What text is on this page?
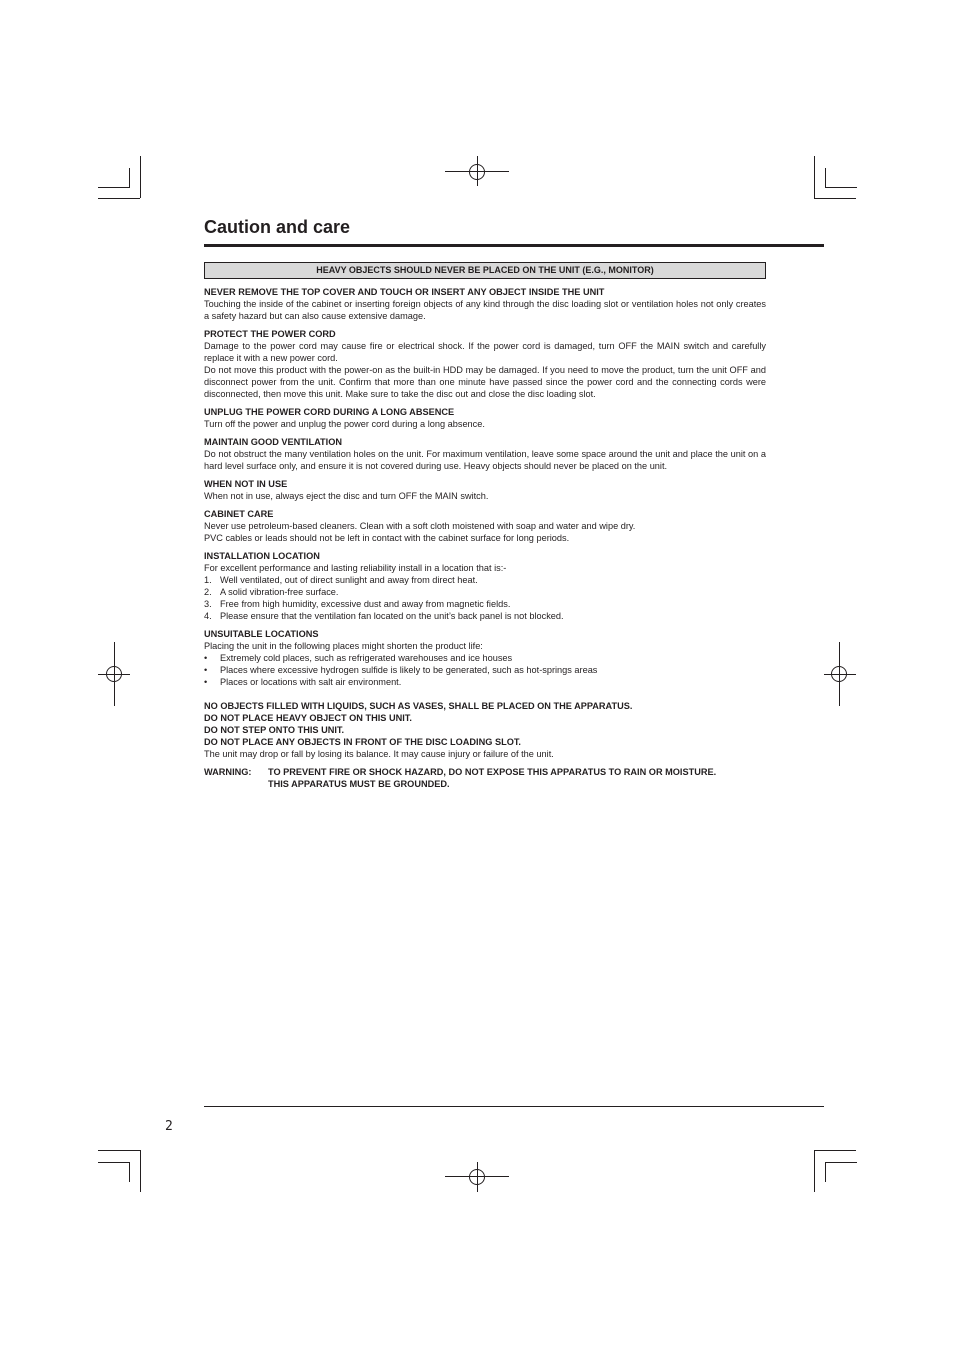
Caution and care
HEAVY OBJECTS SHOULD NEVER BE PLACED ON THE UNIT (E.G., MONITOR)
NEVER REMOVE THE TOP COVER AND TOUCH OR INSERT ANY OBJECT INSIDE THE UNIT
Touching the inside of the cabinet or inserting foreign objects of any kind through the disc loading slot or ventilation holes not only creates a safety hazard but can also cause extensive damage.
PROTECT THE POWER CORD
Damage to the power cord may cause fire or electrical shock. If the power cord is damaged, turn OFF the MAIN switch and carefully replace it with a new power cord.
Do not move this product with the power-on as the built-in HDD may be damaged. If you need to move the product, turn the unit OFF and disconnect power from the unit. Confirm that more than one minute have passed since the power cord and the connecting cords were disconnected, then move this unit. Make sure to take the disc out and close the disc loading slot.
UNPLUG THE POWER CORD DURING A LONG ABSENCE
Turn off the power and unplug the power cord during a long absence.
MAINTAIN GOOD VENTILATION
Do not obstruct the many ventilation holes on the unit. For maximum ventilation, leave some space around the unit and place the unit on a hard level surface only, and ensure it is not covered during use. Heavy objects should never be placed on the unit.
WHEN NOT IN USE
When not in use, always eject the disc and turn OFF the MAIN switch.
CABINET CARE
Never use petroleum-based cleaners. Clean with a soft cloth moistened with soap and water and wipe dry.
PVC cables or leads should not be left in contact with the cabinet surface for long periods.
INSTALLATION LOCATION
For excellent performance and lasting reliability install in a location that is:-
1. Well ventilated, out of direct sunlight and away from direct heat.
2. A solid vibration-free surface.
3. Free from high humidity, excessive dust and away from magnetic fields.
4. Please ensure that the ventilation fan located on the unit’s back panel is not blocked.
UNSUITABLE LOCATIONS
Placing the unit in the following places might shorten the product life:
•	Extremely cold places, such as refrigerated warehouses and ice houses
•	Places where excessive hydrogen sulfide is likely to be generated, such as hot-springs areas
•	Places or locations with salt air environment.
NO OBJECTS FILLED WITH LIQUIDS, SUCH AS VASES, SHALL BE PLACED ON THE APPARATUS.
DO NOT PLACE HEAVY OBJECT ON THIS UNIT.
DO NOT STEP ONTO THIS UNIT.
DO NOT PLACE ANY OBJECTS IN FRONT OF THE DISC LOADING SLOT.
The unit may drop or fall by losing its balance. It may cause injury or failure of the unit.
WARNING:	TO PREVENT FIRE OR SHOCK HAZARD, DO NOT EXPOSE THIS APPARATUS TO RAIN OR MOISTURE.
THIS APPARATUS MUST BE GROUNDED.
2
